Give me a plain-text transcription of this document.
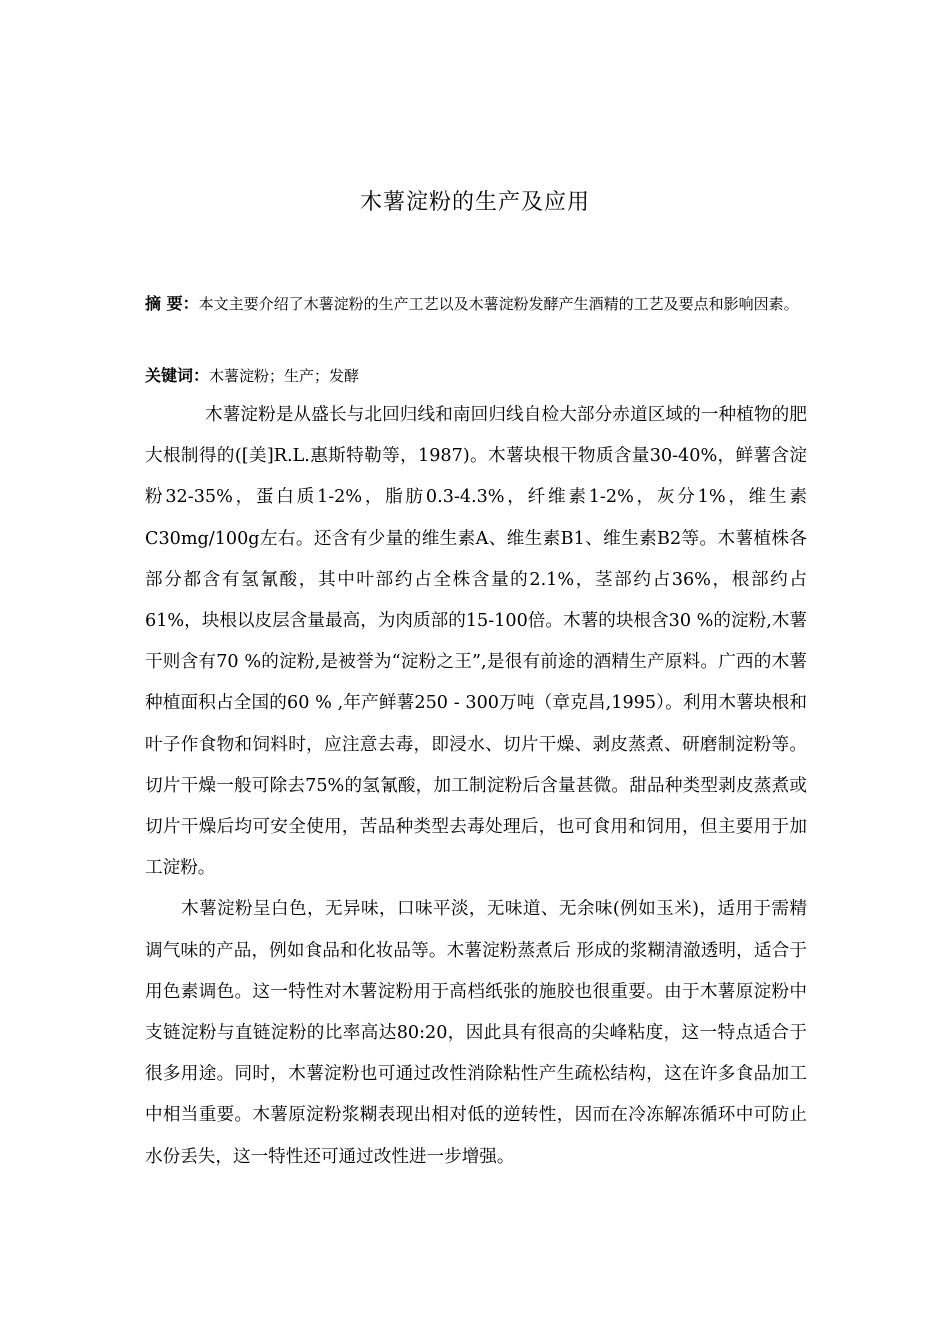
木薯淀粉的生产及应用
摘 要：本文主要介绍了木薯淀粉的生产工艺以及木薯淀粉发酵产生酒精的工艺及要点和影响因素。
关键词：木薯淀粉；生产；发酵

木薯淀粉是从盛长与北回归线和南回归线自检大部分赤道区域的一种植物的肥大根制得的([美]R.L.惠斯特勒等，1987)。木薯块根干物质含量30-40%，鲜薯含淀粉32-35%，蛋白质1-2%，脂肪0.3-4.3%，纤维素1-2%，灰分1%，维生素C30mg/100g左右。还含有少量的维生素A、维生素B1、维生素B2等。木薯植株各部分都含有氢氰酸，其中叶部约占全株含量的2.1%，茎部约占36%，根部约占61%，块根以皮层含量最高，为肉质部的15-100倍。木薯的块根含30 %的淀粉,木薯干则含有70 %的淀粉,是被誉为“淀粉之王”,是很有前途的酒精生产原料。广西的木薯种植面积占全国的60 % ,年产鲜薯250 - 300万吨（章克昌,1995）。利用木薯块根和叶子作食物和饲料时，应注意去毒，即浸水、切片干燥、剥皮蒸煮、研磨制淀粉等。切片干燥一般可除去75%的氢氰酸，加工制淀粉后含量甚微。甜品种类型剥皮蒸煮或切片干燥后均可安全使用，苦品种类型去毒处理后，也可食用和饲用，但主要用于加工淀粉。

木薯淀粉呈白色，无异味，口味平淡，无味道、无余味(例如玉米)，适用于需精调气味的产品，例如食品和化妆品等。木薯淀粉蒸煮后 形成的浆糊清澈透明，适合于用色素调色。这一特性对木薯淀粉用于高档纸张的施胶也很重要。由于木薯原淀粉中支链淀粉与直链淀粉的比率高达80:20，因此具有很高的尖峰粘度，这一特点适合于很多用途。同时，木薯淀粉也可通过改性消除粘性产生疏松结构，这在许多食品加工中相当重要。木薯原淀粉浆糊表现出相对低的逆转性，因而在冷冻解冻循环中可防止水份丢失，这一特性还可通过改性进一步增强。
